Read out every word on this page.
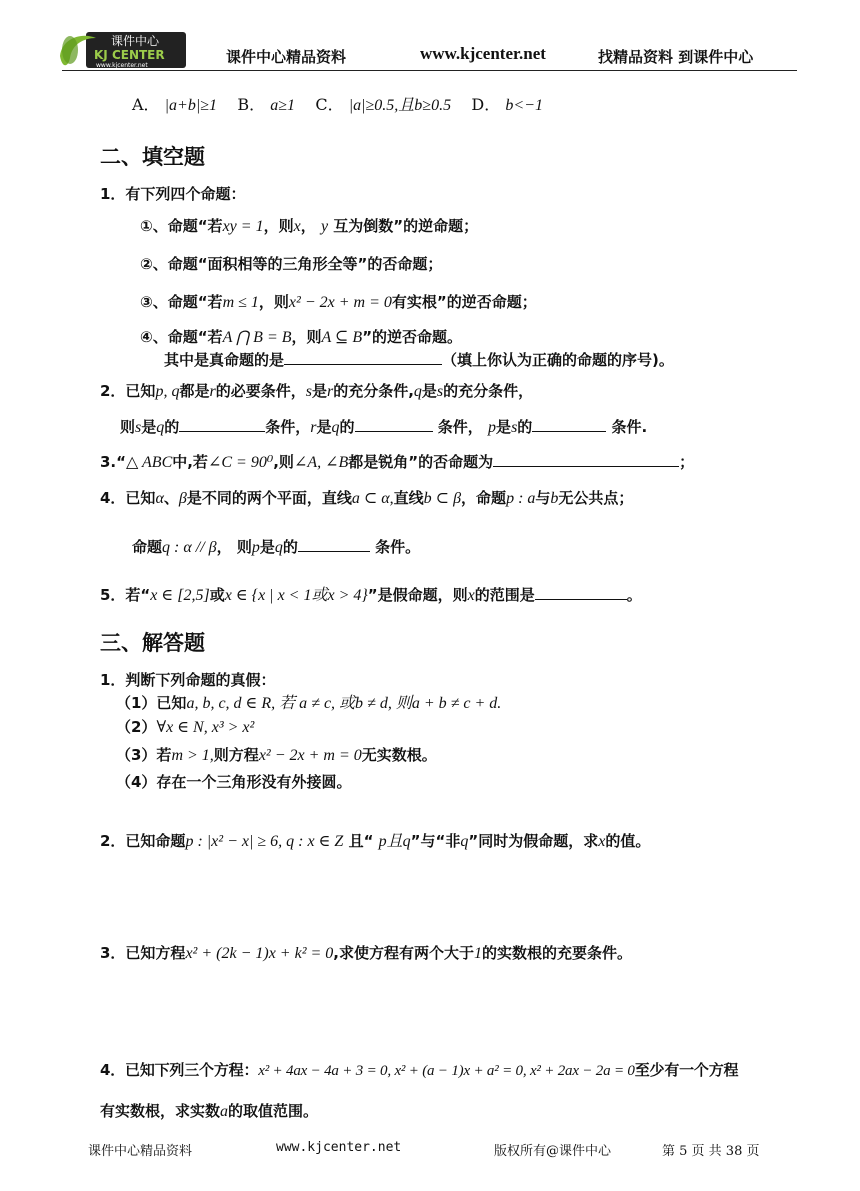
课件中心
KJ CENTER
www.kjcenter.net	课件中心精品资料	www.kjcenter.net	找精品资料 到课件中心
A． |a+b|≥1 B． a≥1 C． |a|≥0.5,且b≥0.5 D． b<−1
二、填空题
1．有下列四个命题：
①、命题“若xy = 1，则x， y 互为倒数”的逆命题；
②、命题“面积相等的三角形全等”的否命题；
③、命题“若m ≤ 1，则x² − 2x + m = 0有实根”的逆否命题；
④、命题“若A ⋂ B = B，则A ⊆ B”的逆否命题。
其中是真命题的是	（填上你认为正确的命题的序号)。
2．已知p, q都是r的必要条件，s是r的充分条件,q是s的充分条件，
则s是q的	条件，r是q的	条件， p是s的	条件.
3.“△ ABC中,若∠C = 90⁰,则∠A, ∠B都是锐角”的否命题为	；
4．已知α、β是不同的两个平面，直线a ⊂ α,直线b ⊂ β，命题p : a与b无公共点；
命题q : α // β， 则p是q的	条件。
5．若“x ∈ [2,5]或x ∈ {x | x < 1或x > 4}”是假命题，则x的范围是	。
三、解答题
1．判断下列命题的真假：
（1）已知a, b, c, d ∈ R, 若 a ≠ c, 或b ≠ d, 则a + b ≠ c + d.
（2）∀x ∈ N, x³ > x²
（3）若m > 1,则方程x² − 2x + m = 0无实数根。
（4）存在一个三角形没有外接圆。
2．已知命题p : |x² − x| ≥ 6, q : x ∈ Z 且“ p且q”与“非q”同时为假命题，求x的值。
3．已知方程x² + (2k − 1)x + k² = 0,求使方程有两个大于1的实数根的充要条件。
4．已知下列三个方程：x² + 4ax − 4a + 3 = 0, x² + (a − 1)x + a² = 0, x² + 2ax − 2a = 0至少有一个方程
有实数根，求实数a的取值范围。
课件中心精品资料	www.kjcenter.net	版权所有@课件中心	第 5 页 共 38 页
